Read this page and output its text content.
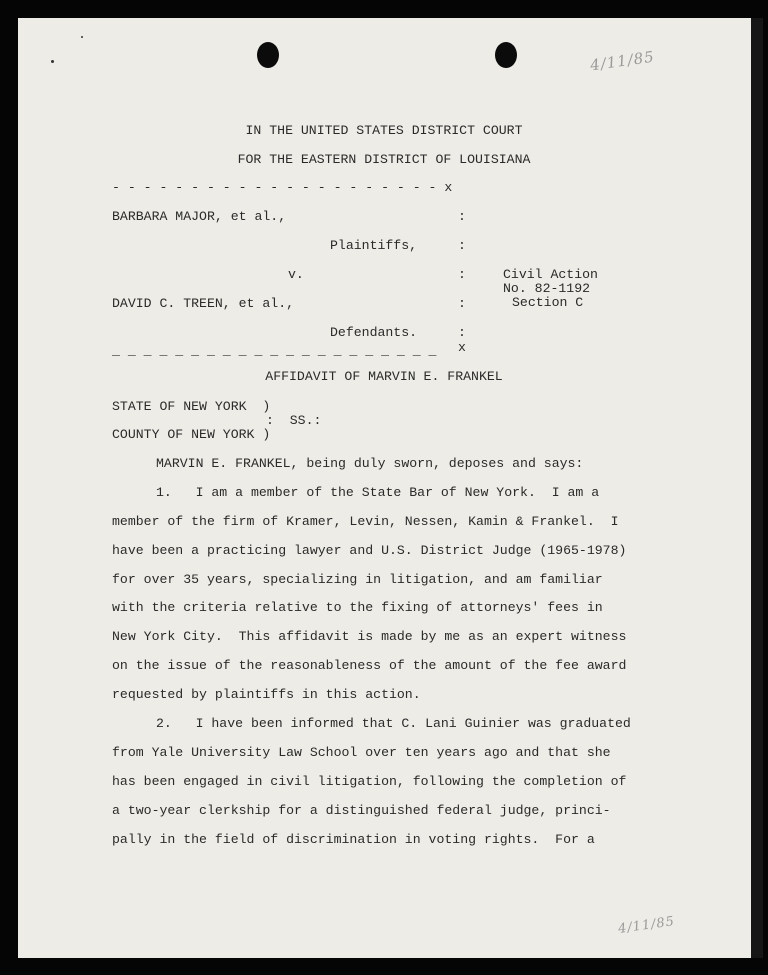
4/11/85
4/11/85
IN THE UNITED STATES DISTRICT COURT
FOR THE EASTERN DISTRICT OF LOUISIANA
- - - - - - - - - - - - - - - - - - - - - x
BARBARA MAJOR, et al.,	:
Plaintiffs,	:
v.	:	Civil Action
No. 82-1192
Section C
DAVID C. TREEN, et al.,	:
Defendants.	:
x
_ _ _ _ _ _ _ _ _ _ _ _ _ _ _ _ _ _ _ _ _
AFFIDAVIT OF MARVIN E. FRANKEL
STATE OF NEW YORK  )
:  SS.:
COUNTY OF NEW YORK )
MARVIN E. FRANKEL, being duly sworn, deposes and says:
1.   I am a member of the State Bar of New York.  I am a
member of the firm of Kramer, Levin, Nessen, Kamin & Frankel.  I
have been a practicing lawyer and U.S. District Judge (1965-1978)
for over 35 years, specializing in litigation, and am familiar
with the criteria relative to the fixing of attorneys' fees in
New York City.  This affidavit is made by me as an expert witness
on the issue of the reasonableness of the amount of the fee award
requested by plaintiffs in this action.
2.   I have been informed that C. Lani Guinier was graduated
from Yale University Law School over ten years ago and that she
has been engaged in civil litigation, following the completion of
a two-year clerkship for a distinguished federal judge, princi-
pally in the field of discrimination in voting rights.  For a
